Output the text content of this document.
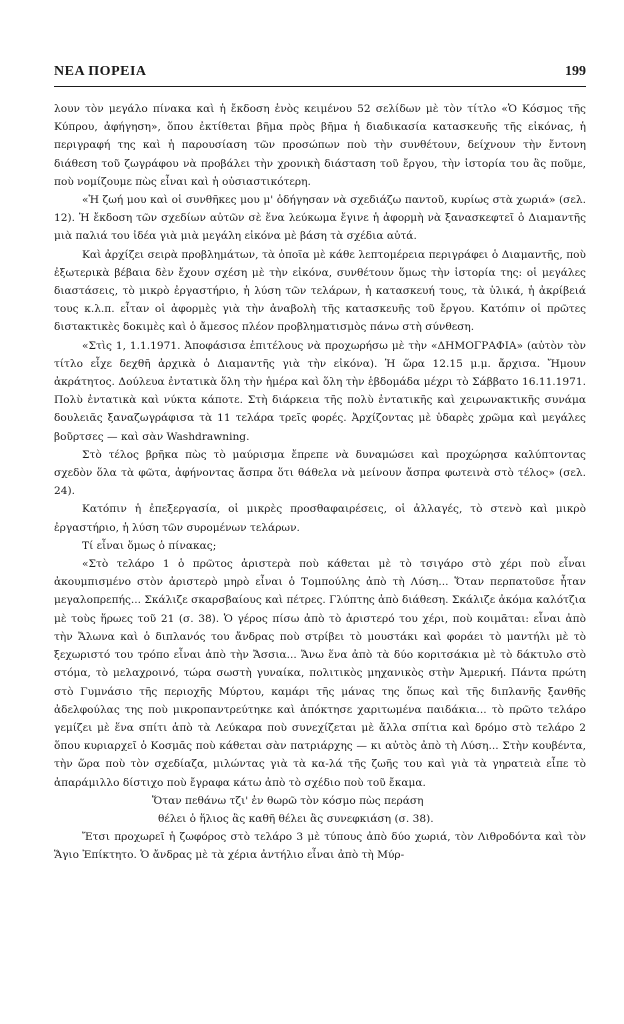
ΝΕΑ ΠΟΡΕΙΑ	199

λουν τὸν μεγάλο πίνακα καὶ ἡ ἔκδοση ἑνὸς κειμένου 52 σελίδων μὲ τὸν τίτλο «Ὁ Κόσμος τῆς Κύπρου, ἀφήγηση», ὅπου ἐκτίθεται βῆμα πρὸς βῆμα ἡ διαδικασία κατασκευῆς τῆς εἰκόνας, ἡ περιγραφή της καὶ ἡ παρουσίαση τῶν προσώπων ποὺ τὴν συνθέτουν, δείχνουν τὴν ἔντονη διάθεση τοῦ ζωγράφου νὰ προβάλει τὴν χρονικὴ διάσταση τοῦ ἔργου, τὴν ἱστορία του ἂς ποῦμε, ποὺ νομίζουμε πὼς εἶναι καὶ ἡ οὐσιαστικότερη.

«Ἡ ζωή μου καὶ οἱ συνθῆκες μου μ' ὁδήγησαν νὰ σχεδιάζω παντοῦ, κυρίως στὰ χωριά» (σελ. 12). Ἡ ἔκδοση τῶν σχεδίων αὐτῶν σὲ ἕνα λεύκωμα ἔγινε ἡ ἀφορμὴ νὰ ξανασκεφτεῖ ὁ Διαμαντῆς μιὰ παλιά του ἰδέα γιὰ μιὰ μεγάλη εἰκόνα μὲ βάση τὰ σχέδια αὐτά.

Καὶ ἀρχίζει σειρὰ προβλημάτων, τὰ ὁποῖα μὲ κάθε λεπτομέρεια περιγράφει ὁ Διαμαντῆς, ποὺ ἐξωτερικὰ βέβαια δὲν ἔχουν σχέση μὲ τὴν εἰκόνα, συνθέτουν ὅμως τὴν ἱστορία της: οἱ μεγάλες διαστάσεις, τὸ μικρὸ ἐργαστήριο, ἡ λύση τῶν τελάρων, ἡ κατασκευή τους, τὰ ὑλικά, ἡ ἀκρίβειά τους κ.λ.π. εἶταν οἱ ἀφορμὲς γιὰ τὴν ἀναβολὴ τῆς κατασκευῆς τοῦ ἔργου. Κατόπιν οἱ πρῶτες διστακτικὲς δοκιμὲς καὶ ὁ ἄμεσος πλέον προβληματισμὸς πάνω στὴ σύνθεση.

«Στὶς 1, 1.1.1971. Ἀποφάσισα ἐπιτέλους νὰ προχωρήσω μὲ τὴν «ΔΗΜΟΓΡΑΦΙΑ» (αὐτὸν τὸν τίτλο εἶχε δεχθῆ ἀρχικὰ ὁ Διαμαντῆς γιὰ τὴν εἰκόνα). Ἡ ὥρα 12.15 μ.μ. ἄρχισα. Ἤμουν ἀκράτητος. Δούλευα ἐντατικὰ ὅλη τὴν ἡμέρα καὶ ὅλη τὴν ἑβδομάδα μέχρι τὸ Σάββατο 16.11.1971. Πολὺ ἐντατικὰ καὶ νύκτα κάποτε. Στὴ διάρκεια τῆς πολὺ ἐντατικῆς καὶ χειρωνακτικῆς συνάμα δουλειᾶς ξαναζωγράφισα τὰ 11 τελάρα τρεῖς φορές. Ἀρχίζοντας μὲ ὑδαρὲς χρῶμα καὶ μεγάλες βοῦρτσες — καὶ σὰν Washdrawning.

Στὸ τέλος βρῆκα πὼς τὸ μαύρισμα ἔπρεπε νὰ δυναμώσει καὶ προχώρησα καλύπτοντας σχεδὸν ὅλα τὰ φῶτα, ἀφήνοντας ἄσπρα ὅτι θάθελα νὰ μείνουν ἄσπρα φωτεινὰ στὸ τέλος» (σελ. 24).

Κατόπιν ἡ ἐπεξεργασία, οἱ μικρὲς προσθαφαιρέσεις, οἱ ἀλλαγές, τὸ στενὸ καὶ μικρὸ ἐργαστήριο, ἡ λύση τῶν συρομένων τελάρων.

Τί εἶναι ὅμως ὁ πίνακας;

«Στὸ τελάρο 1 ὁ πρῶτος ἀριστερὰ ποὺ κάθεται μὲ τὸ τσιγάρο στὸ χέρι ποὺ εἶναι ἀκουμπισμένο στὸν ἀριστερὸ μηρὸ εἶναι ὁ Τομπούλης ἀπὸ τὴ Λύση... Ὅταν περπατοῦσε ἦταν μεγαλοπρεπής... Σκάλιζε σκαρσβαίους καὶ πέτρες. Γλύπτης ἀπὸ διάθεση. Σκάλιζε ἀκόμα καλότζια μὲ τοὺς ἥρωες τοῦ 21 (σ. 38). Ὁ γέρος πίσω ἀπὸ τὸ ἀριστερό του χέρι, ποὺ κοιμᾶται: εἶναι ἀπὸ τὴν Ἄλωνα καὶ ὁ διπλανός του ἄνδρας ποὺ στρίβει τὸ μουστάκι καὶ φοράει τὸ μαντήλι μὲ τὸ ξεχωριστό του τρόπο εἶναι ἀπὸ τὴν Ἄσσια... Ἄνω ἕνα ἀπὸ τὰ δύο κοριτσάκια μὲ τὸ δάκτυλο στὸ στόμα, τὸ μελαχροινό, τώρα σωστὴ γυναίκα, πολιτικὸς μηχανικὸς στὴν Ἀμερική. Πάντα πρώτη στὸ Γυμνάσιο τῆς περιοχῆς Μύρτου, καμάρι τῆς μάνας της ὅπως καὶ τῆς διπλανῆς ξανθῆς ἀδελφούλας της ποὺ μικροπαντρεύτηκε καὶ ἀπόκτησε χαριτωμένα παιδάκια... τὸ πρῶτο τελάρο γεμίζει μὲ ἕνα σπίτι ἀπὸ τὰ Λεύκαρα ποὺ συνεχίζεται μὲ ἄλλα σπίτια καὶ δρόμο στὸ τελάρο 2 ὅπου κυριαρχεῖ ὁ Κοσμᾶς ποὺ κάθεται σὰν πατριάρχης — κι αὐτὸς ἀπὸ τὴ Λύση... Στὴν κουβέντα, τὴν ὥρα ποὺ τὸν σχεδίαζα, μιλώντας γιὰ τὰ κα-λά τῆς ζωῆς του καὶ γιὰ τὰ γηρατειὰ εἶπε τὸ ἀπαράμιλλο δίστιχο ποὺ ἔγραφα κάτω ἀπὸ τὸ σχέδιο ποὺ τοῦ ἔκαμα.

Ὅταν πεθάνω τζι' ἐν θωρῶ τὸν κόσμο πὼς περάση

θέλει ὁ ἥλιος ἂς καθῆ θέλει ἂς συνεφκιάση (σ. 38).

Ἔτσι προχωρεῖ ἡ ζωφόρος στὸ τελάρο 3 μὲ τύπους ἀπὸ δύο χωριά, τὸν Λιθροδόντα καὶ τὸν Ἅγιο Ἐπίκτητο. Ὁ ἄνδρας μὲ τὰ χέρια ἀντήλιο εἶναι ἀπὸ τὴ Μύρ-
